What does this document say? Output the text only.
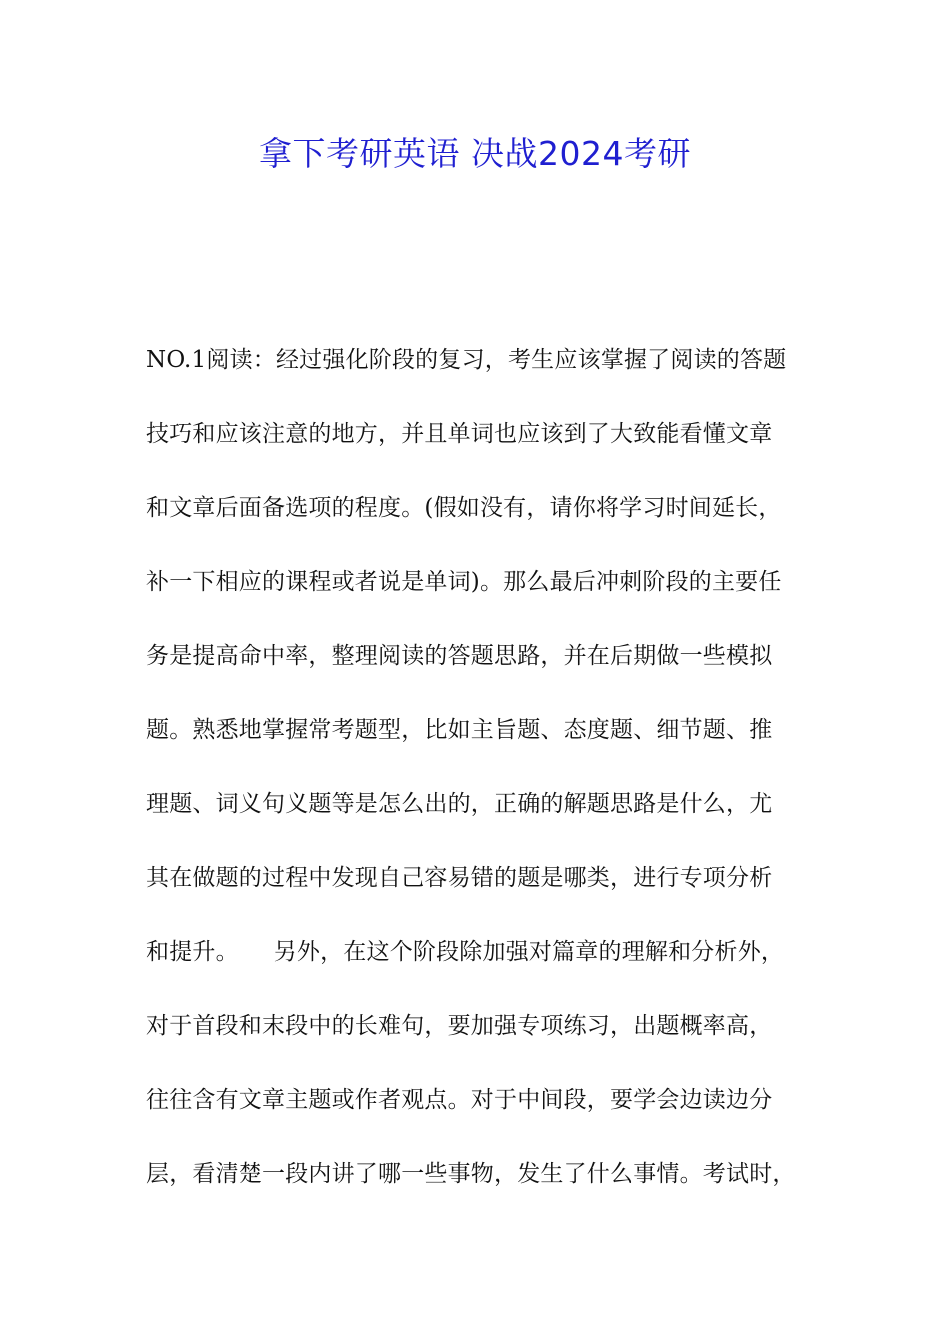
拿下考研英语 决战2024考研
NO.1阅读：经过强化阶段的复习，考生应该掌握了阅读的答题
技巧和应该注意的地方，并且单词也应该到了大致能看懂文章
和文章后面备选项的程度。(假如没有，请你将学习时间延长，
补一下相应的课程或者说是单词)。那么最后冲刺阶段的主要任
务是提高命中率，整理阅读的答题思路，并在后期做一些模拟
题。熟悉地掌握常考题型，比如主旨题、态度题、细节题、推
理题、词义句义题等是怎么出的，正确的解题思路是什么，尤
其在做题的过程中发现自己容易错的题是哪类，进行专项分析
和提升。　　另外，在这个阶段除加强对篇章的理解和分析外，
对于首段和末段中的长难句，要加强专项练习，出题概率高，
往往含有文章主题或作者观点。对于中间段，要学会边读边分
层，看清楚一段内讲了哪一些事物，发生了什么事情。考试时，
